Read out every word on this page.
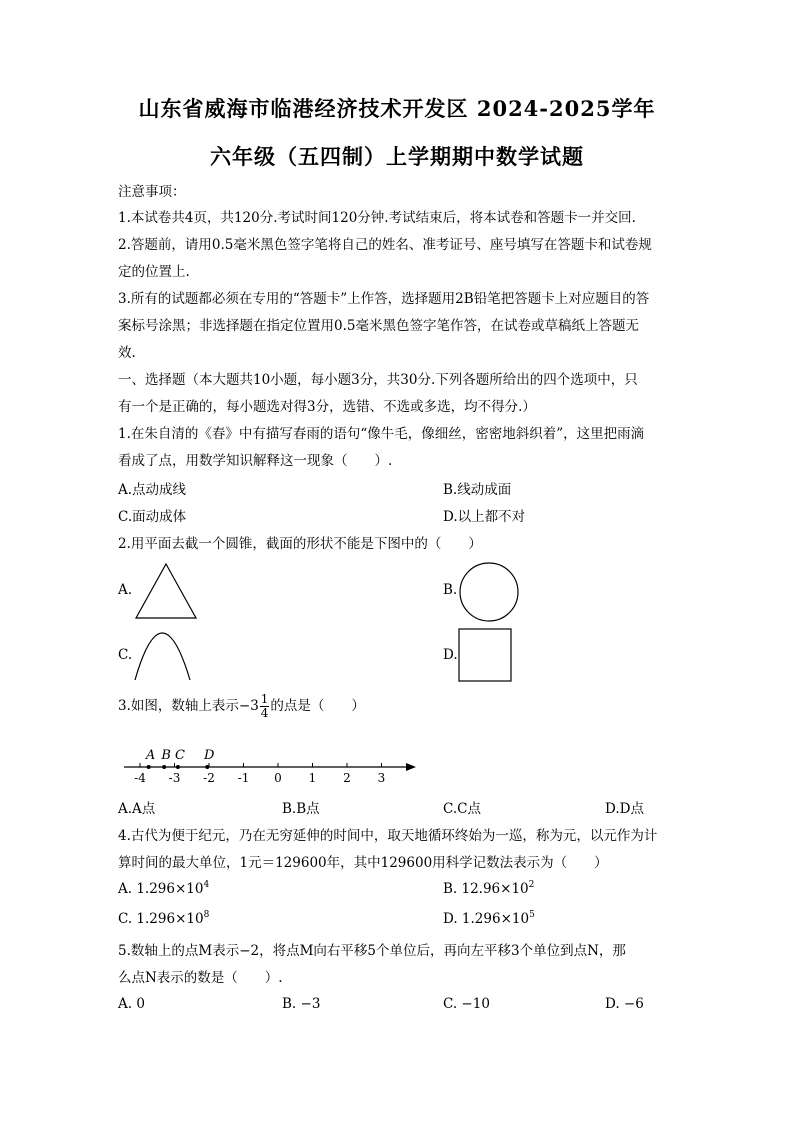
山东省威海市临港经济技术开发区 2024-2025学年
六年级（五四制）上学期期中数学试题
注意事项：
1.本试卷共4页，共120分.考试时间120分钟.考试结束后，将本试卷和答题卡一并交回.
2.答题前，请用0.5毫米黑色签字笔将自己的姓名、准考证号、座号填写在答题卡和试卷规
定的位置上.
3.所有的试题都必须在专用的“答题卡”上作答，选择题用2B铅笔把答题卡上对应题目的答
案标号涂黑；非选择题在指定位置用0.5毫米黑色签字笔作答，在试卷或草稿纸上答题无
效.
一、选择题（本大题共10小题，每小题3分，共30分.下列各题所给出的四个选项中，只
有一个是正确的，每小题选对得3分，选错、不选或多选，均不得分.）
1.在朱自清的《春》中有描写春雨的语句“像牛毛，像细丝，密密地斜织着”，这里把雨滴
看成了点，用数学知识解释这一现象（　　）.
A.点动成线	B.线动成面
C.面动成体	D.以上都不对
2.用平面去截一个圆锥，截面的形状不能是下图中的（　　）
A.	B.
C.	D.
3.如图，数轴上表示$-3 \frac{1}{4}$ 的点是（　　）
-4 -3 -2 -1 0 1 2 3
A B C D
A.A点	B.B点	C.C点	D.D点
4.古代为便于纪元，乃在无穷延伸的时间中，取天地循环终始为一巡，称为元，以元作为计
算时间的最大单位，1元＝129600年，其中129600用科学记数法表示为（　　）
A. $1.296\times 10^4$	B. $12.96\times 10^2$
C. $1.296\times 10^8$	D. $1.296\times 10^5$
5.数轴上的点M表示−2，将点M向右平移5个单位后，再向左平移3个单位到点N，那
么点N表示的数是（　　）.
A. 0	B. −3	C. −10	D. −6
